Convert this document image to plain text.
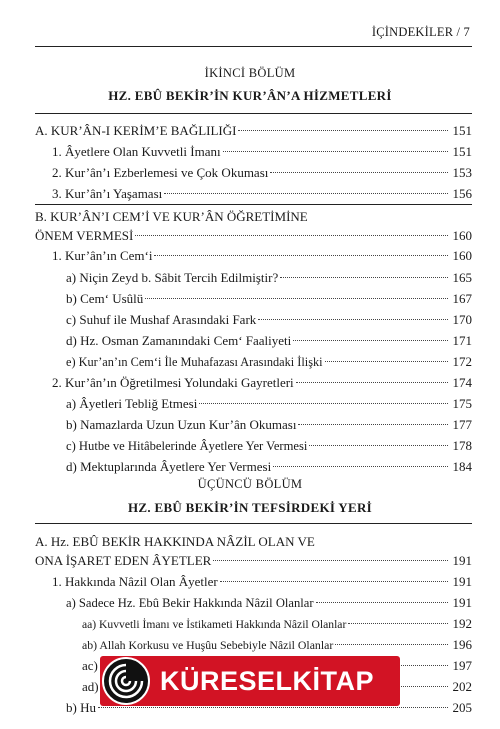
İÇİNDEKİLER / 7
İKİNCİ BÖLÜM
HZ. EBÛ BEKİR’İN KUR’ÂN’A HİZMETLERİ
A. KUR’ÂN-I KERİM’E BAĞLILIĞI	151
1. Âyetlere Olan Kuvvetli İmanı	151
2. Kur’ân’ı Ezberlemesi ve Çok Okuması	153
3. Kur’ân’ı Yaşaması	156
B. KUR’ÂN’I CEM’İ VE KUR’ÂN ÖĞRETİMİNE
ÖNEM VERMESİ	160
1. Kur’ân’ın Cem‘i	160
a) Niçin Zeyd b. Sâbit Tercih Edilmiştir?	165
b) Cem‘ Usûlü	167
c) Suhuf ile Mushaf Arasındaki Fark	170
d) Hz. Osman Zamanındaki Cem‘ Faaliyeti	171
e) Kur’an’ın Cem‘i İle Muhafazası Arasındaki İlişki	172
2. Kur’ân’ın Öğretilmesi Yolundaki Gayretleri	174
a) Âyetleri Tebliğ Etmesi	175
b) Namazlarda Uzun Uzun Kur’ân Okuması	177
c) Hutbe ve Hitâbelerinde Âyetlere Yer Vermesi	178
d) Mektuplarında Âyetlere Yer Vermesi	184
ÜÇÜNCÜ BÖLÜM
HZ. EBÛ BEKİR’İN TEFSİRDEKİ YERİ
A. Hz. EBÛ BEKİR HAKKINDA NÂZİL OLAN VE
ONA İŞARET EDEN ÂYETLER	191
1. Hakkında Nâzil Olan Âyetler	191
a) Sadece Hz. Ebû Bekir Hakkında Nâzil Olanlar	191
aa) Kuvvetli İmanı ve İstikameti Hakkında Nâzil Olanlar	192
ab) Allah Korkusu ve Huşûu Sebebiyle Nâzil Olanlar	196
ac)	197
ad)	202
b) Hu	205
KÜRESELKİTAP
